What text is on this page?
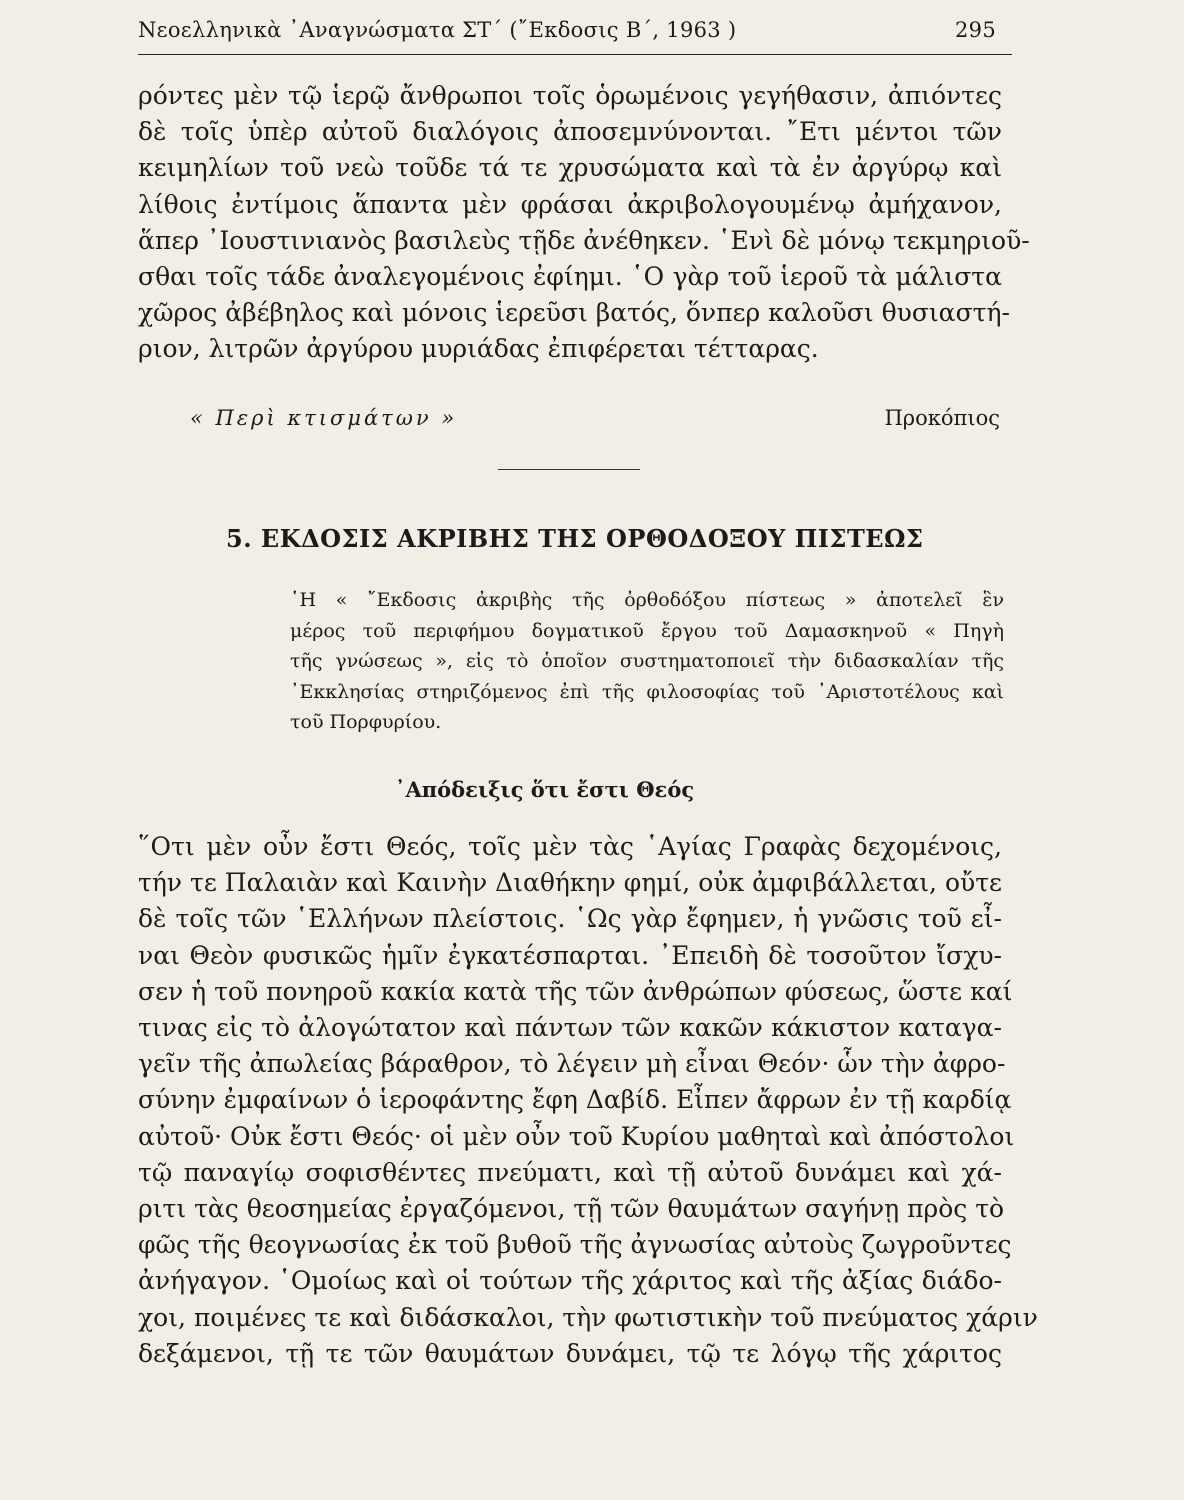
Νεοελληνικὰ ᾿Αναγνώσματα ΣΤ΄ (῎Εκδοσις Β΄, 1963 )	295
ρόντες μὲν τῷ ἱερῷ ἄνθρωποι τοῖς ὁρωμένοις γεγήθασιν, ἀπιόντες
δὲ τοῖς ὑπὲρ αὐτοῦ διαλόγοις ἀποσεμνύνονται. ῎Ετι μέντοι τῶν
κειμηλίων τοῦ νεὼ τοῦδε τά τε χρυσώματα καὶ τὰ ἐν ἀργύρῳ καὶ
λίθοις ἐντίμοις ἅπαντα μὲν φράσαι ἀκριβολογουμένῳ ἀμήχανον,
ἅπερ ᾿Ιουστινιανὸς βασιλεὺς τῇδε ἀνέθηκεν. ῾Ενὶ δὲ μόνῳ τεκμηριοῦ-
σθαι τοῖς τάδε ἀναλεγομένοις ἐφίημι. ῾Ο γὰρ τοῦ ἱεροῦ τὰ μάλιστα
χῶρος ἀβέβηλος καὶ μόνοις ἱερεῦσι βατός, ὅνπερ καλοῦσι θυσιαστή-
ριον, λιτρῶν ἀργύρου μυριάδας ἐπιφέρεται τέτταρας.
« Περὶ κτισμάτων »	Προκόπιος
5. ΕΚΔΟΣΙΣ ΑΚΡΙΒΗΣ ΤΗΣ ΟΡΘΟΔΟΞΟΥ ΠΙΣΤΕΩΣ
῾Η « ῎Εκδοσις ἀκριβὴς τῆς ὀρθοδόξου πίστεως » ἀποτελεῖ ἓν
μέρος τοῦ περιφήμου δογματικοῦ ἔργου τοῦ Δαμασκηνοῦ « Πηγὴ
τῆς γνώσεως », εἰς τὸ ὁποῖον συστηματοποιεῖ τὴν διδασκαλίαν τῆς
᾿Εκκλησίας στηριζόμενος ἐπὶ τῆς φιλοσοφίας τοῦ ᾿Αριστοτέλους καὶ
τοῦ Πορφυρίου.
᾿Απόδειξις ὅτι ἔστι Θεός
῞Οτι μὲν οὖν ἔστι Θεός, τοῖς μὲν τὰς ῾Αγίας Γραφὰς δεχομένοις,
τήν τε Παλαιὰν καὶ Καινὴν Διαθήκην φημί, οὐκ ἀμφιβάλλεται, οὔτε
δὲ τοῖς τῶν ῾Ελλήνων πλείστοις. ῾Ως γὰρ ἔφημεν, ἡ γνῶσις τοῦ εἶ-
ναι Θεὸν φυσικῶς ἡμῖν ἐγκατέσπαρται. ᾿Επειδὴ δὲ τοσοῦτον ἴσχυ-
σεν ἡ τοῦ πονηροῦ κακία κατὰ τῆς τῶν ἀνθρώπων φύσεως, ὥστε καί
τινας εἰς τὸ ἀλογώτατον καὶ πάντων τῶν κακῶν κάκιστον καταγα-
γεῖν τῆς ἀπωλείας βάραθρον, τὸ λέγειν μὴ εἶναι Θεόν· ὧν τὴν ἀφρο-
σύνην ἐμφαίνων ὁ ἱεροφάντης ἔφη Δαβίδ. Εἶπεν ἄφρων ἐν τῇ καρδίᾳ
αὐτοῦ· Οὐκ ἔστι Θεός· οἱ μὲν οὖν τοῦ Κυρίου μαθηταὶ καὶ ἀπόστολοι
τῷ παναγίῳ σοφισθέντες πνεύματι, καὶ τῇ αὐτοῦ δυνάμει καὶ χά-
ριτι τὰς θεοσημείας ἐργαζόμενοι, τῇ τῶν θαυμάτων σαγήνῃ πρὸς τὸ
φῶς τῆς θεογνωσίας ἐκ τοῦ βυθοῦ τῆς ἀγνωσίας αὐτοὺς ζωγροῦντες
ἀνήγαγον. ῾Ομοίως καὶ οἱ τούτων τῆς χάριτος καὶ τῆς ἀξίας διάδο-
χοι, ποιμένες τε καὶ διδάσκαλοι, τὴν φωτιστικὴν τοῦ πνεύματος χάριν
δεξάμενοι, τῇ τε τῶν θαυμάτων δυνάμει, τῷ τε λόγῳ τῆς χάριτος
